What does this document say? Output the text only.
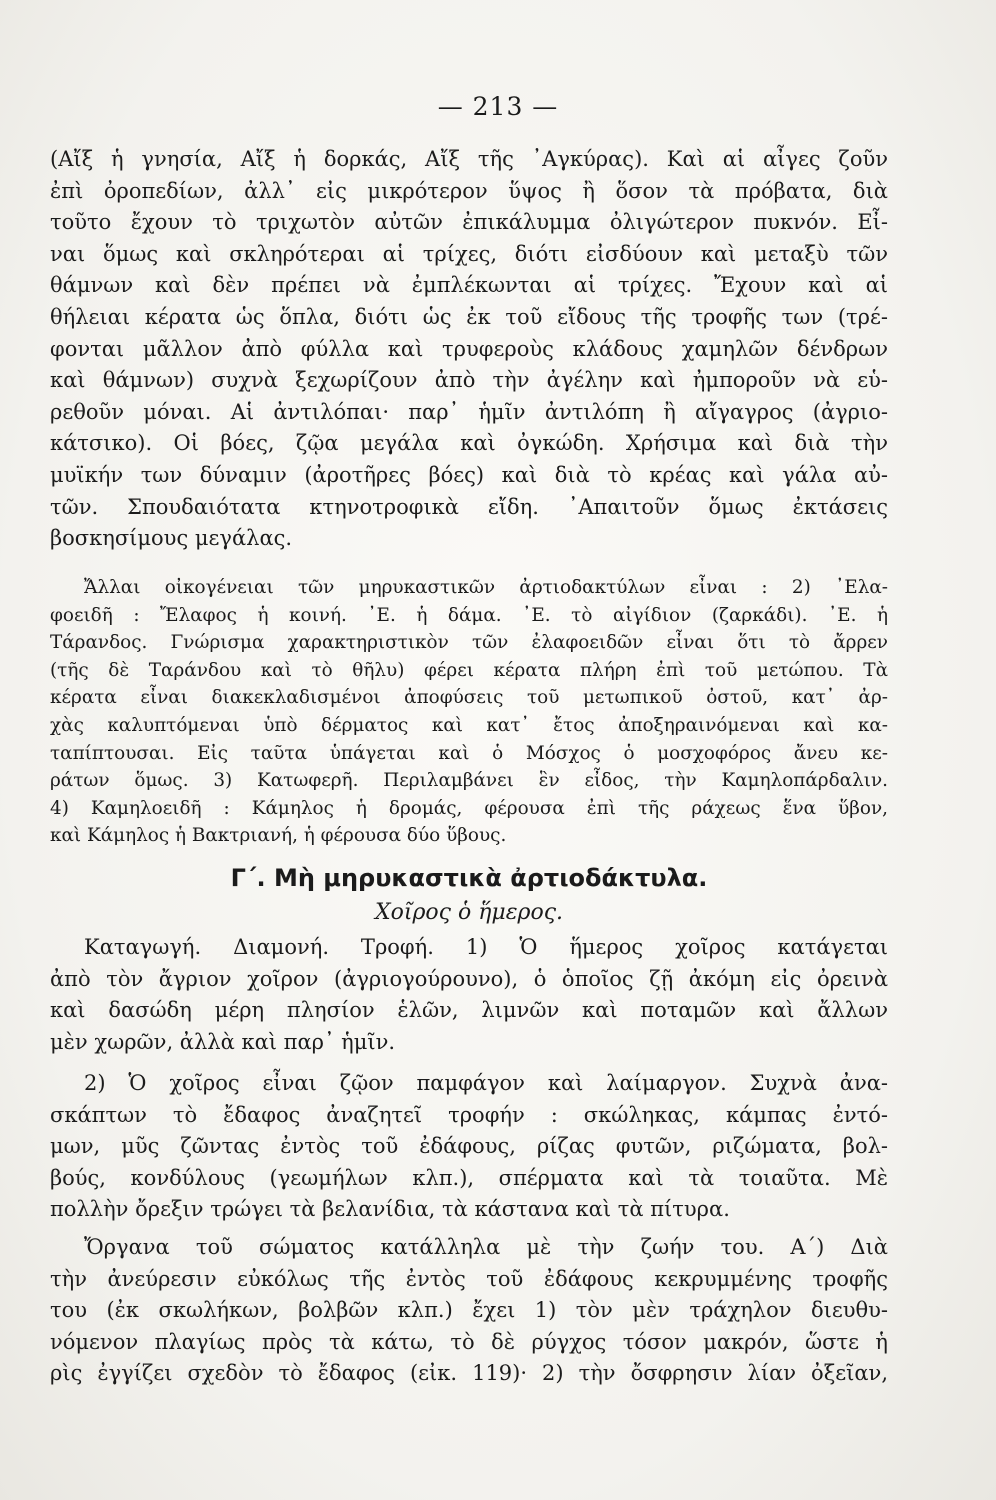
— 213 —
(Αἴξ ἡ γνησία, Αἴξ ἡ δορκάς, Αἴξ τῆς ᾿Αγκύρας). Καὶ αἱ αἶγες ζοῦν
ἐπὶ ὀροπεδίων, ἀλλ᾿ εἰς μικρότερον ὕψος ἢ ὅσον τὰ πρόβατα, διὰ
τοῦτο ἔχουν τὸ τριχωτὸν αὐτῶν ἐπικάλυμμα ὀλιγώτερον πυκνόν. Εἶ-
ναι ὅμως καὶ σκληρότεραι αἱ τρίχες, διότι εἰσδύουν καὶ μεταξὺ τῶν
θάμνων καὶ δὲν πρέπει νὰ ἐμπλέκωνται αἱ τρίχες. Ἔχουν καὶ αἱ
θήλειαι κέρατα ὡς ὅπλα, διότι ὡς ἐκ τοῦ εἴδους τῆς τροφῆς των (τρέ-
φονται μᾶλλον ἀπὸ φύλλα καὶ τρυφεροὺς κλάδους χαμηλῶν δένδρων
καὶ θάμνων) συχνὰ ξεχωρίζουν ἀπὸ τὴν ἀγέλην καὶ ἠμποροῦν νὰ εὑ-
ρεθοῦν μόναι. Αἱ ἀντιλόπαι· παρ᾿ ἡμῖν ἀντιλόπη ἢ αἴγαγρος (ἀγριο-
κάτσικο). Οἱ βόες, ζῷα μεγάλα καὶ ὀγκώδη. Χρήσιμα καὶ διὰ τὴν
μυϊκήν των δύναμιν (ἀροτῆρες βόες) καὶ διὰ τὸ κρέας καὶ γάλα αὐ-
τῶν. Σπουδαιότατα κτηνοτροφικὰ εἴδη. ᾿Απαιτοῦν ὅμως ἐκτάσεις
βοσκησίμους μεγάλας.
Ἄλλαι οἰκογένειαι τῶν μηρυκαστικῶν ἀρτιοδακτύλων εἶναι : 2) ᾿Ελα-
φοειδῆ : Ἔλαφος ἡ κοινή. ᾿Ε. ἡ δάμα. ᾿Ε. τὸ αἰγίδιον (ζαρκάδι). ᾿Ε. ἡ
Τάρανδος. Γνώρισμα χαρακτηριστικὸν τῶν ἐλαφοειδῶν εἶναι ὅτι τὸ ἄρρεν
(τῆς δὲ Ταράνδου καὶ τὸ θῆλυ) φέρει κέρατα πλήρη ἐπὶ τοῦ μετώπου. Τὰ
κέρατα εἶναι διακεκλαδισμένοι ἀποφύσεις τοῦ μετωπικοῦ ὀστοῦ, κατ᾿ ἀρ-
χὰς καλυπτόμεναι ὑπὸ δέρματος καὶ κατ᾿ ἔτος ἀποξηραινόμεναι καὶ κα-
ταπίπτουσαι. Εἰς ταῦτα ὑπάγεται καὶ ὁ Μόσχος ὁ μοσχοφόρος ἄνευ κε-
ράτων ὅμως. 3) Κατωφερῆ. Περιλαμβάνει ἓν εἶδος, τὴν Καμηλοπάρδαλιν.
4) Καμηλοειδῆ : Κάμηλος ἡ δρομάς, φέρουσα ἐπὶ τῆς ράχεως ἕνα ὕβον,
καὶ Κάμηλος ἡ Βακτριανή, ἡ φέρουσα δύο ὕβους.
Γ΄. Μὴ μηρυκαστικὰ ἀρτιοδάκτυλα.
Χοῖρος ὁ ἥμερος.
Καταγωγή. Διαμονή. Τροφή. 1) Ὁ ἥμερος χοῖρος κατάγεται
ἀπὸ τὸν ἄγριον χοῖρον (ἀγριογούρουνο), ὁ ὁποῖος ζῇ ἀκόμη εἰς ὀρεινὰ
καὶ δασώδη μέρη πλησίον ἑλῶν, λιμνῶν καὶ ποταμῶν καὶ ἄλλων
μὲν χωρῶν, ἀλλὰ καὶ παρ᾿ ἡμῖν.
2) Ὁ χοῖρος εἶναι ζῷον παμφάγον καὶ λαίμαργον. Συχνὰ ἀνα-
σκάπτων τὸ ἔδαφος ἀναζητεῖ τροφήν : σκώληκας, κάμπας ἐντό-
μων, μῦς ζῶντας ἐντὸς τοῦ ἐδάφους, ρίζας φυτῶν, ριζώματα, βολ-
βούς, κονδύλους (γεωμήλων κλπ.), σπέρματα καὶ τὰ τοιαῦτα. Μὲ
πολλὴν ὄρεξιν τρώγει τὰ βελανίδια, τὰ κάστανα καὶ τὰ πίτυρα.
Ὄργανα τοῦ σώματος κατάλληλα μὲ τὴν ζωήν του. Α΄) Διὰ
τὴν ἀνεύρεσιν εὐκόλως τῆς ἐντὸς τοῦ ἐδάφους κεκρυμμένης τροφῆς
του (ἐκ σκωλήκων, βολβῶν κλπ.) ἔχει 1) τὸν μὲν τράχηλον διευθυ-
νόμενον πλαγίως πρὸς τὰ κάτω, τὸ δὲ ρύγχος τόσον μακρόν, ὥστε ἡ
ρὶς ἐγγίζει σχεδὸν τὸ ἔδαφος (εἰκ. 119)· 2) τὴν ὄσφρησιν λίαν ὀξεῖαν,
